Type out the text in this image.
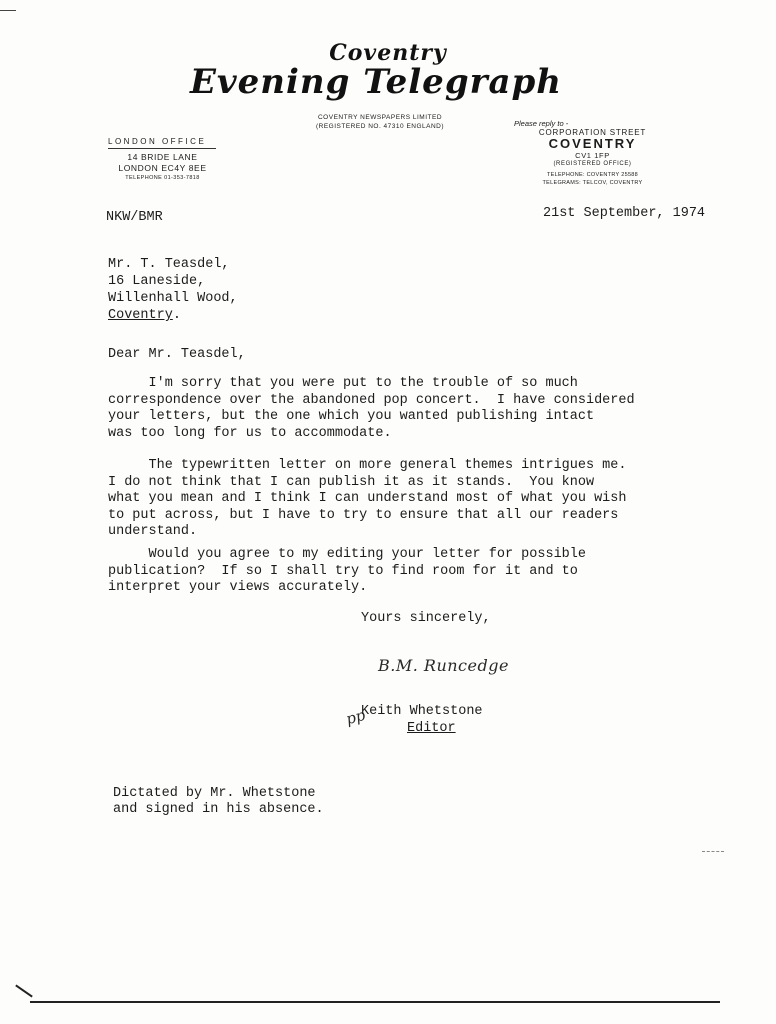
Coventry
Evening Telegraph
COVENTRY NEWSPAPERS LIMITED
(REGISTERED NO. 47310 ENGLAND)
LONDON OFFICE
14 BRIDE LANE
LONDON EC4Y 8EE
TELEPHONE 01-353-7818
Please reply to -
CORPORATION STREET
COVENTRY
CV1 1FP
(REGISTERED OFFICE)
TELEPHONE: COVENTRY 25588
TELEGRAMS: TELCOV, COVENTRY
NKW/BMR	21st September, 1974
Mr. T. Teasdel,
16 Laneside,
Willenhall Wood,
Coventry.
Dear Mr. Teasdel,
I'm sorry that you were put to the trouble of so much
correspondence over the abandoned pop concert.  I have considered
your letters, but the one which you wanted publishing intact
was too long for us to accommodate.
The typewritten letter on more general themes intrigues me.
I do not think that I can publish it as it stands.  You know
what you mean and I think I can understand most of what you wish
to put across, but I have to try to ensure that all our readers
understand.
Would you agree to my editing your letter for possible
publication?  If so I shall try to find room for it and to
interpret your views accurately.
Yours sincerely,
B.M. Runcedge
pp
Keith Whetstone
Editor
Dictated by Mr. Whetstone
and signed in his absence.
